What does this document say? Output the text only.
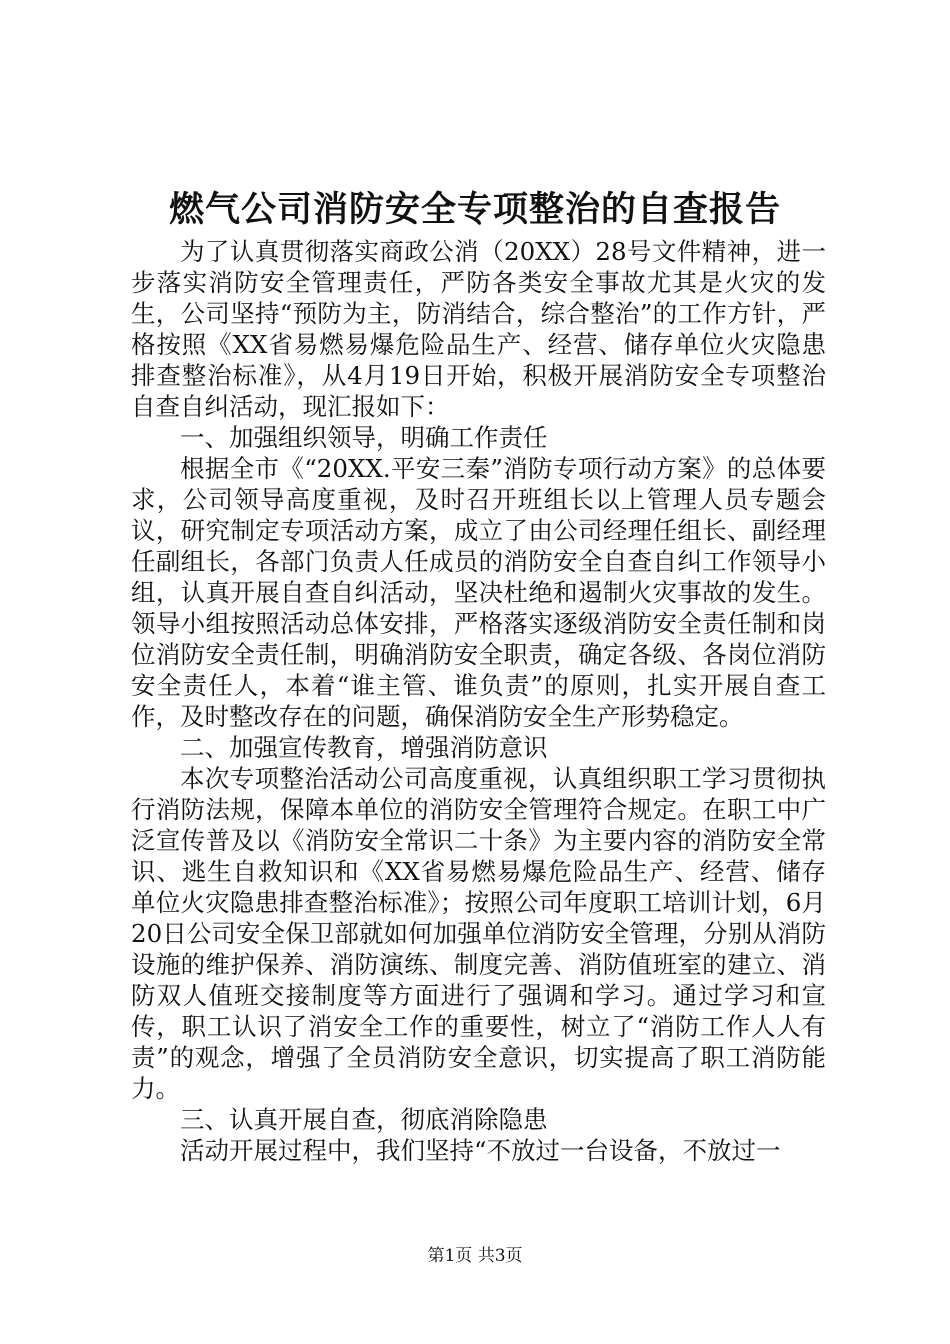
燃气公司消防安全专项整治的自查报告

为了认真贯彻落实商政公消（20XX）28号文件精神，进一步落实消防安全管理责任，严防各类安全事故尤其是火灾的发生，公司坚持“预防为主，防消结合，综合整治”的工作方针，严格按照《XX省易燃易爆危险品生产、经营、储存单位火灾隐患排查整治标准》，从4月19日开始，积极开展消防安全专项整治自查自纠活动，现汇报如下：

一、加强组织领导，明确工作责任

根据全市《“20XX.平安三秦”消防专项行动方案》的总体要求，公司领导高度重视，及时召开班组长以上管理人员专题会议，研究制定专项活动方案，成立了由公司经理任组长、副经理任副组长，各部门负责人任成员的消防安全自查自纠工作领导小组，认真开展自查自纠活动，坚决杜绝和遏制火灾事故的发生。领导小组按照活动总体安排，严格落实逐级消防安全责任制和岗位消防安全责任制，明确消防安全职责，确定各级、各岗位消防安全责任人，本着“谁主管、谁负责”的原则，扎实开展自查工作，及时整改存在的问题，确保消防安全生产形势稳定。

二、加强宣传教育，增强消防意识

本次专项整治活动公司高度重视，认真组织职工学习贯彻执行消防法规，保障本单位的消防安全管理符合规定。在职工中广泛宣传普及以《消防安全常识二十条》为主要内容的消防安全常识、逃生自救知识和《XX省易燃易爆危险品生产、经营、储存单位火灾隐患排查整治标准》；按照公司年度职工培训计划，6月20日公司安全保卫部就如何加强单位消防安全管理，分别从消防设施的维护保养、消防演练、制度完善、消防值班室的建立、消防双人值班交接制度等方面进行了强调和学习。通过学习和宣传，职工认识了消安全工作的重要性，树立了“消防工作人人有责”的观念，增强了全员消防安全意识，切实提高了职工消防能力。

三、认真开展自查，彻底消除隐患

活动开展过程中，我们坚持“不放过一台设备，不放过一

第1页 共3页
